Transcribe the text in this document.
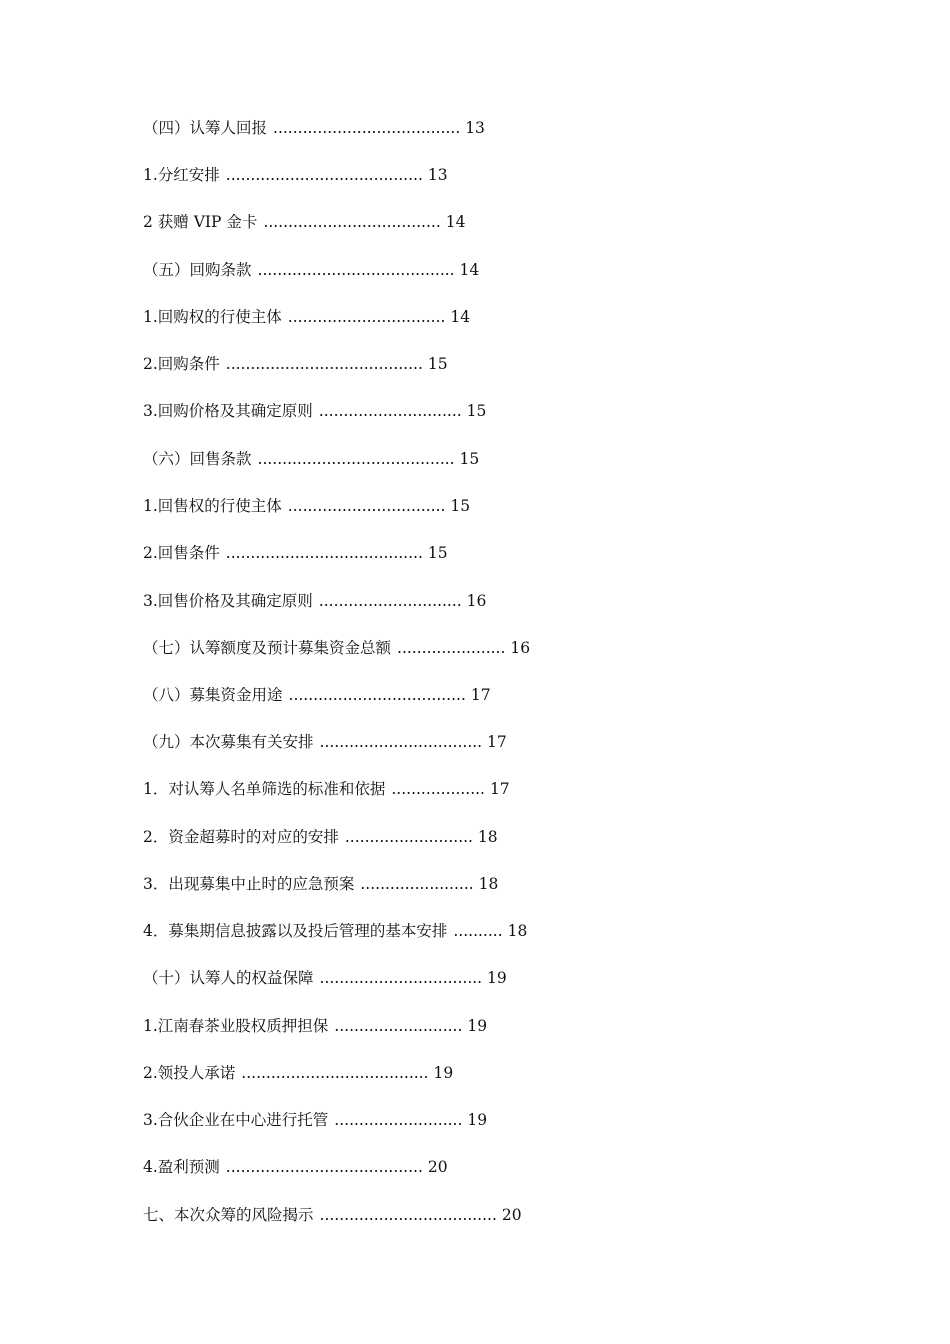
（四）认筹人回报 ...................................... 13
1.分红安排 ........................................ 13
2 获赠 VIP 金卡 .................................... 14
（五）回购条款 ........................................ 14
1.回购权的行使主体 ................................ 14
2.回购条件 ........................................ 15
3.回购价格及其确定原则 ............................. 15
（六）回售条款 ........................................ 15
1.回售权的行使主体 ................................ 15
2.回售条件 ........................................ 15
3.回售价格及其确定原则 ............................. 16
（七）认筹额度及预计募集资金总额 ...................... 16
（八）募集资金用途 .................................... 17
（九）本次募集有关安排 ................................. 17
1．对认筹人名单筛选的标准和依据 ................... 17
2．资金超募时的对应的安排 .......................... 18
3．出现募集中止时的应急预案 ....................... 18
4．募集期信息披露以及投后管理的基本安排 .......... 18
（十）认筹人的权益保障 ................................. 19
1.江南春茶业股权质押担保 .......................... 19
2.领投人承诺 ...................................... 19
3.合伙企业在中心进行托管 .......................... 19
4.盈利预测 ........................................ 20
七、本次众筹的风险揭示 .................................... 20
